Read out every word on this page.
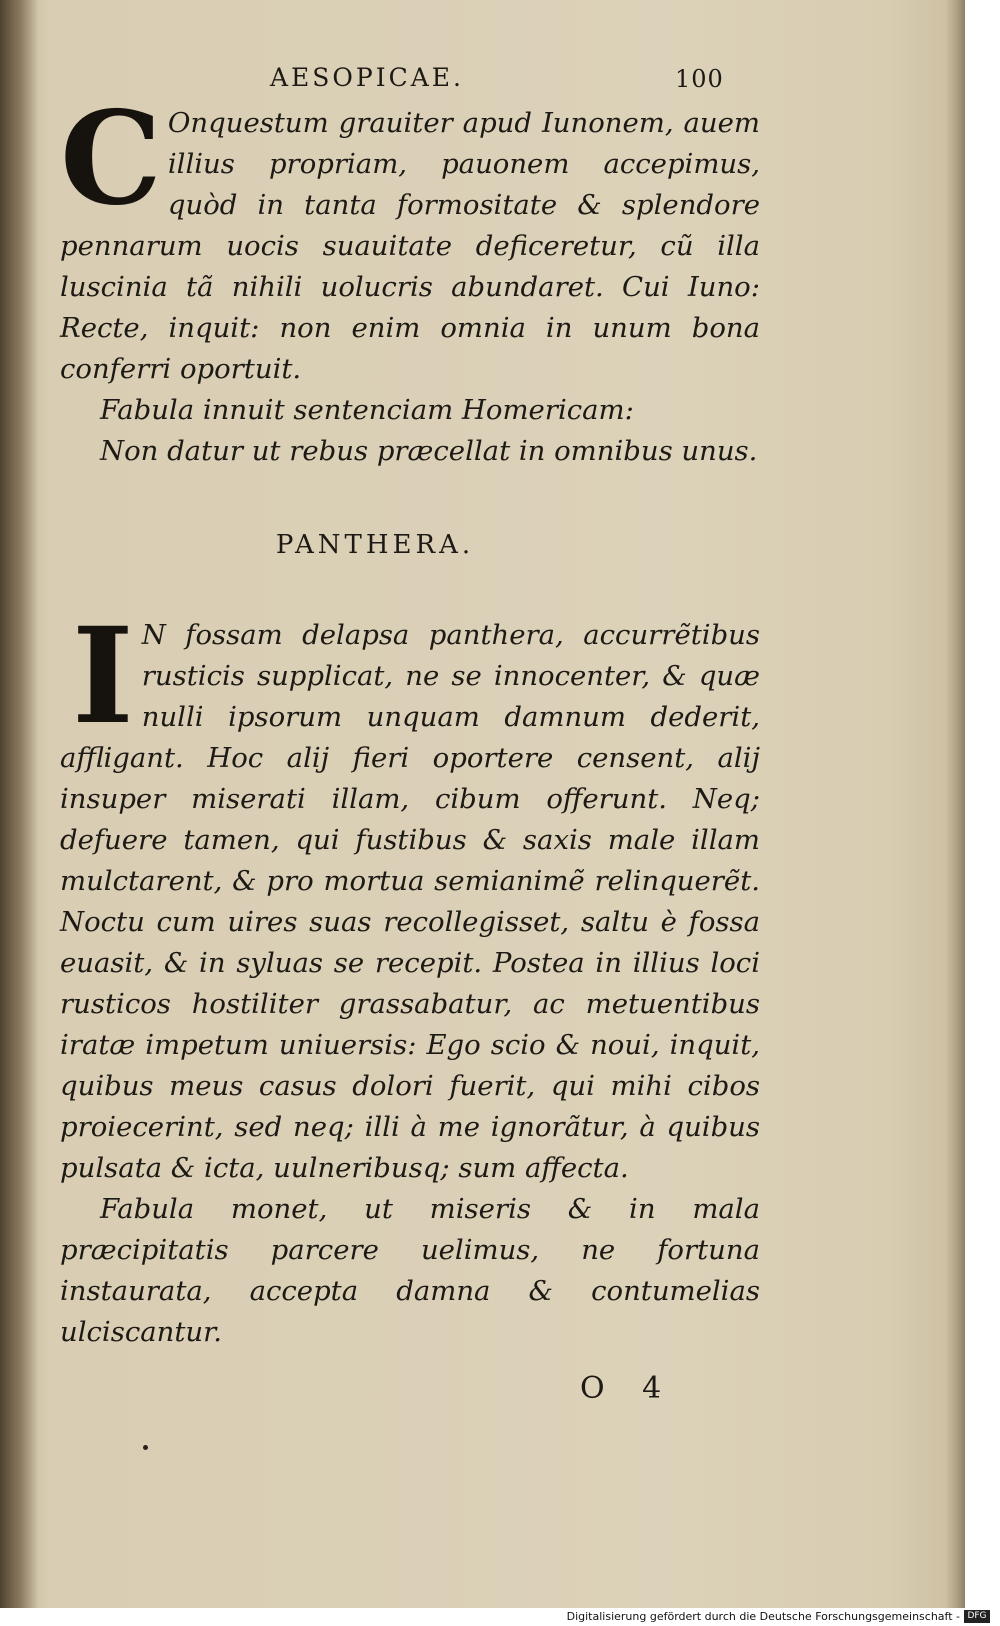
AESOPICAE.	100

C Onquestum grauiter apud Iunonem, auem illius propriam, pauonem accepimus, quòd in tanta formositate & splendore pennarum uocis suauitate deficeretur, cũ illa luscinia tã nihili uolucris abundaret. Cui Iuno: Recte, inquit: non enim omnia in unum bona conferri oportuit.

Fabula innuit sentenciam Homericam:

Non datur ut rebus præcellat in omnibus unus.

PANTHERA.

I N fossam delapsa panthera, accurrẽtibus rusticis supplicat, ne se innocenter, & quæ nulli ipsorum unquam damnum dederit, affligant. Hoc alij fieri oportere censent, alij insuper miserati illam, cibum offerunt. Neq; defuere tamen, qui fustibus & saxis male illam mulctarent, & pro mortua semianimẽ relinquerẽt. Noctu cum uires suas recollegisset, saltu è fossa euasit, & in syluas se recepit. Postea in illius loci rusticos hostiliter grassabatur, ac metuentibus iratæ impetum uniuersis: Ego scio & noui, inquit, quibus meus casus dolori fuerit, qui mihi cibos proiecerint, sed neq; illi à me ignorãtur, à quibus pulsata & icta, uulneribusq; sum affecta.

Fabula monet, ut miseris & in mala præcipitatis parcere uelimus, ne fortuna instaurata, accepta damna & contumelias ulciscantur.

O 4
Digitalisierung gefördert durch die Deutsche Forschungsgemeinschaft - DFG
